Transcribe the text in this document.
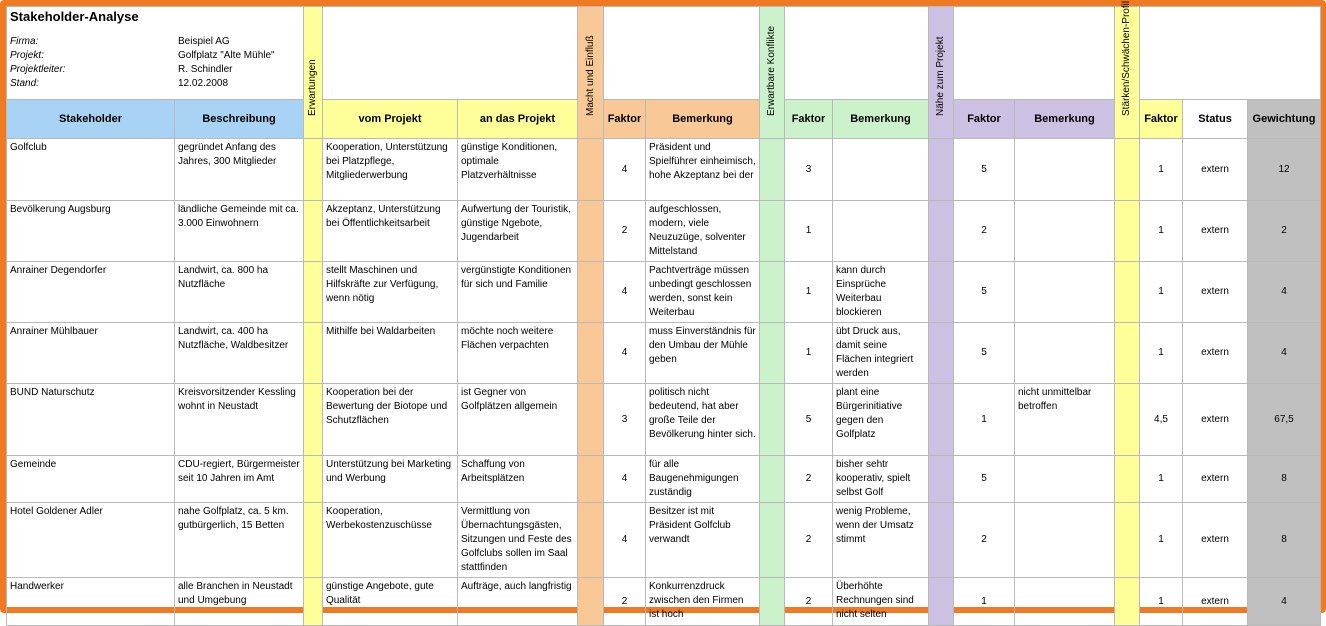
Stakeholder-Analyse
Firma: Beispiel AG
Projekt: Golfplatz "Alte Mühle"
Projektleiter: R. Schindler
Stand: 12.02.2008		Erwartungen			Macht und Einfluß			Erwartbare Konflikte			Nähe zum Projekt			Stärken/Schwächen-Profil			

Stakeholder	Beschreibung		vom Projekt	an das Projekt		Faktor	Bemerkung		Faktor	Bemerkung		Faktor	Bemerkung		Faktor	Status	Gewichtung
Golfclub	gegründet Anfang des Jahres, 300 Mitglieder		Kooperation, Unterstützung bei Platzpflege, Mitgliederwerbung	günstige Konditionen, optimale Platzverhältnisse		4	Präsident und Spielführer einheimisch, hohe Akzeptanz bei der		3			5			1	extern	12
Bevölkerung Augsburg	ländliche Gemeinde mit ca. 3.000 Einwohnern		Akzeptanz, Unterstützung bei Öffentlichkeitsarbeit	Aufwertung der Touristik, günstige Ngebote, Jugendarbeit		2	aufgeschlossen, modern, viele Neuzuzüge, solventer Mittelstand		1			2			1	extern	2
Anrainer Degendorfer	Landwirt, ca. 800 ha Nutzfläche		stellt Maschinen und Hilfskräfte zur Verfügung, wenn nötig	vergünstigte Konditionen für sich und Familie		4	Pachtverträge müssen unbedingt geschlossen werden, sonst kein Weiterbau		1	kann durch Einsprüche Weiterbau blockieren		5			1	extern	4
Anrainer Mühlbauer	Landwirt, ca. 400 ha Nutzfläche, Waldbesitzer		Mithilfe bei Waldarbeiten	möchte noch weitere Flächen verpachten		4	muss Einverständnis für den Umbau der Mühle geben		1	übt Druck aus, damit seine Flächen integriert werden		5			1	extern	4
BUND Naturschutz	Kreisvorsitzender Kessling wohnt in Neustadt		Kooperation bei der Bewertung der Biotope und Schutzflächen	ist Gegner von Golfplätzen allgemein		3	politisch nicht bedeutend, hat aber große Teile der Bevölkerung hinter sich.		5	plant eine Bürgerinitiative gegen den Golfplatz		1	nicht unmittelbar betroffen		4,5	extern	67,5
Gemeinde	CDU-regiert, Bürgermeister seit 10 Jahren im Amt		Unterstützung bei Marketing und Werbung	Schaffung von Arbeitsplätzen		4	für alle Baugenehmigungen zuständig		2	bisher sehtr kooperativ, spielt selbst Golf		5			1	extern	8
Hotel Goldener Adler	nahe Golfplatz, ca. 5 km. gutbürgerlich, 15 Betten		Kooperation, Werbekostenzuschüsse	Vermittlung von Übernachtungsgästen, Sitzungen und Feste des Golfclubs sollen im Saal stattfinden		4	Besitzer ist mit Präsident Golfclub verwandt		2	wenig Probleme, wenn der Umsatz stimmt		2			1	extern	8
Handwerker	alle Branchen in Neustadt und Umgebung		günstige Angebote, gute Qualität	Aufträge, auch langfristig		2	Konkurrenzdruck zwischen den Firmen ist hoch		2	Überhöhte Rechnungen sind nicht selten		1			1	extern	4
